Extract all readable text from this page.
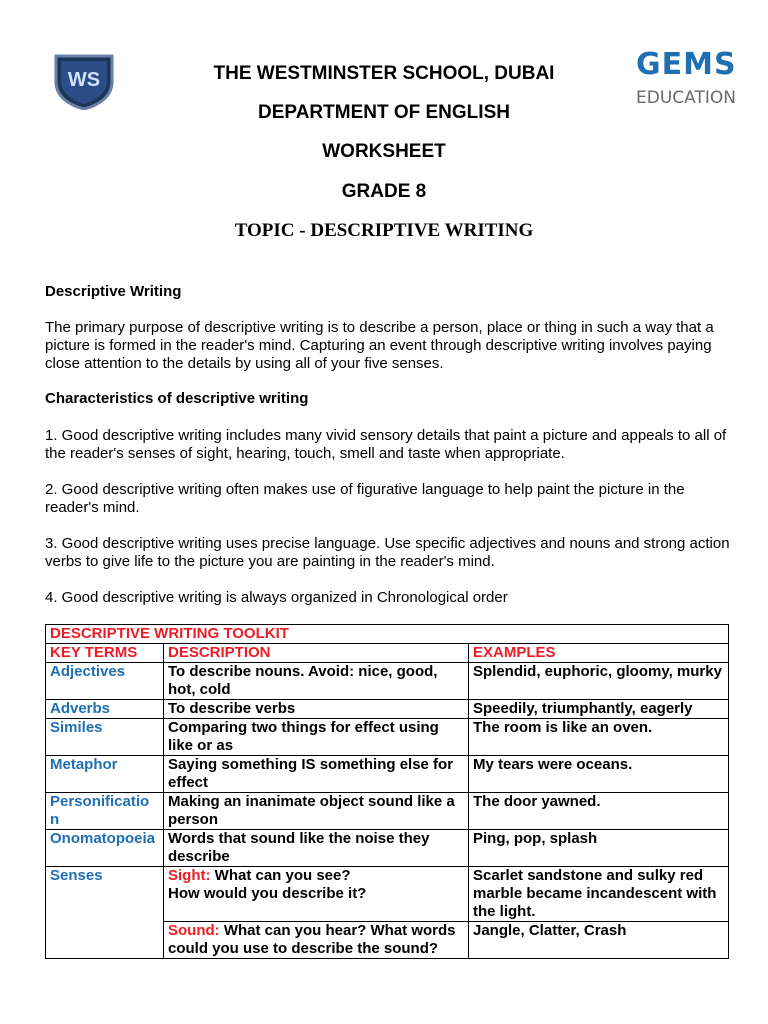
WS	GEMS
EDUCATION
THE WESTMINSTER SCHOOL, DUBAI
DEPARTMENT OF ENGLISH
WORKSHEET
GRADE 8
TOPIC - DESCRIPTIVE WRITING
Descriptive Writing
The primary purpose of descriptive writing is to describe a person, place or thing in such a way that a picture is formed in the reader's mind. Capturing an event through descriptive writing involves paying close attention to the details by using all of your five senses.
Characteristics of descriptive writing
1. Good descriptive writing includes many vivid sensory details that paint a picture and appeals to all of the reader's senses of sight, hearing, touch, smell and taste when appropriate.
2. Good descriptive writing often makes use of figurative language to help paint the picture in the reader's mind.
3. Good descriptive writing uses precise language. Use specific adjectives and nouns and strong action verbs to give life to the picture you are painting in the reader's mind.
4. Good descriptive writing is always organized in Chronological order
DESCRIPTIVE WRITING TOOLKIT		
KEY TERMS	DESCRIPTION	EXAMPLES
Adjectives	To describe nouns. Avoid: nice, good, hot, cold	Splendid, euphoric, gloomy, murky
Adverbs	To describe verbs	Speedily, triumphantly, eagerly
Similes	Comparing two things for effect using like or as	The room is like an oven.
Metaphor	Saying something IS something else for effect	My tears were oceans.
Personificatio n	Making an inanimate object sound like a person	The door yawned.
Onomatopoeia	Words that sound like the noise they describe	Ping, pop, splash
Senses	Sight: What can you see?
How would you describe it?	Scarlet sandstone and sulky red marble became incandescent with the light.
	Sound: What can you hear? What words could you use to describe the sound?	Jangle, Clatter, Crash
